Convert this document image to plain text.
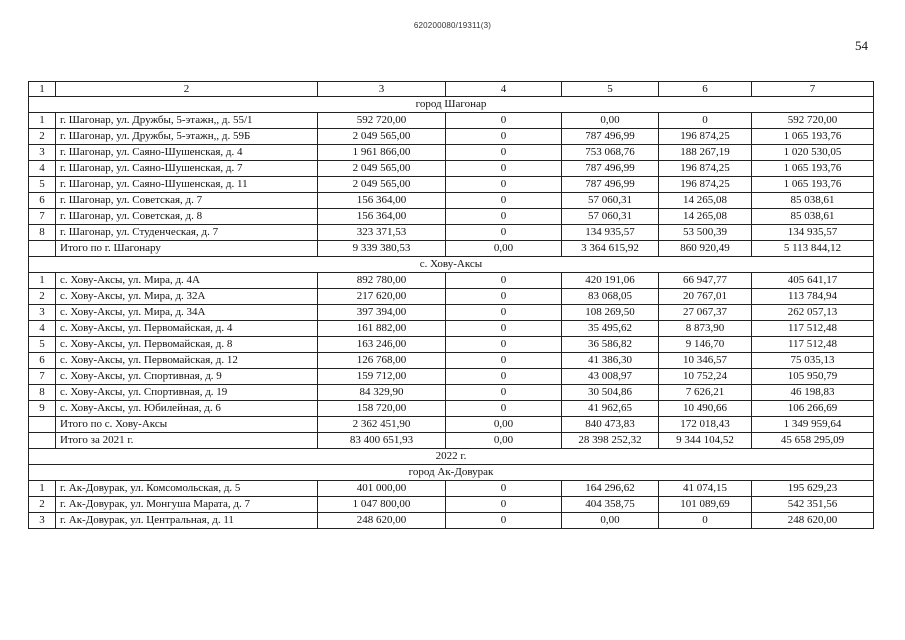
620200080/19311(3)
54
1	2	3	4	5	6	7
город Шагонар						
1	г. Шагонар, ул. Дружбы, 5-этажн,, д. 55/1	592 720,00	0	0,00	0	592 720,00
2	г. Шагонар, ул. Дружбы, 5-этажн,, д. 59Б	2 049 565,00	0	787 496,99	196 874,25	1 065 193,76
3	г. Шагонар, ул. Саяно-Шушенская, д. 4	1 961 866,00	0	753 068,76	188 267,19	1 020 530,05
4	г. Шагонар, ул. Саяно-Шушенская, д. 7	2 049 565,00	0	787 496,99	196 874,25	1 065 193,76
5	г. Шагонар, ул. Саяно-Шушенская, д. 11	2 049 565,00	0	787 496,99	196 874,25	1 065 193,76
6	г. Шагонар, ул. Советская, д. 7	156 364,00	0	57 060,31	14 265,08	85 038,61
7	г. Шагонар, ул. Советская, д. 8	156 364,00	0	57 060,31	14 265,08	85 038,61
8	г. Шагонар, ул. Студенческая, д. 7	323 371,53	0	134 935,57	53 500,39	134 935,57
	Итого по г. Шагонару	9 339 380,53	0,00	3 364 615,92	860 920,49	5 113 844,12
с. Хову-Аксы						
1	с. Хову-Аксы, ул. Мира, д. 4А	892 780,00	0	420 191,06	66 947,77	405 641,17
2	с. Хову-Аксы, ул. Мира, д. 32А	217 620,00	0	83 068,05	20 767,01	113 784,94
3	с. Хову-Аксы, ул. Мира, д. 34А	397 394,00	0	108 269,50	27 067,37	262 057,13
4	с. Хову-Аксы, ул. Первомайская, д. 4	161 882,00	0	35 495,62	8 873,90	117 512,48
5	с. Хову-Аксы, ул. Первомайская, д. 8	163 246,00	0	36 586,82	9 146,70	117 512,48
6	с. Хову-Аксы, ул. Первомайская, д. 12	126 768,00	0	41 386,30	10 346,57	75 035,13
7	с. Хову-Аксы, ул. Спортивная, д. 9	159 712,00	0	43 008,97	10 752,24	105 950,79
8	с. Хову-Аксы, ул. Спортивная, д. 19	84 329,90	0	30 504,86	7 626,21	46 198,83
9	с. Хову-Аксы, ул. Юбилейная, д. 6	158 720,00	0	41 962,65	10 490,66	106 266,69
	Итого по с. Хову-Аксы	2 362 451,90	0,00	840 473,83	172 018,43	1 349 959,64
	Итого за 2021 г.	83 400 651,93	0,00	28 398 252,32	9 344 104,52	45 658 295,09
2022 г.						
город Ак-Довурак						
1	г. Ак-Довурак, ул. Комсомольская, д. 5	401 000,00	0	164 296,62	41 074,15	195 629,23
2	г. Ак-Довурак, ул. Монгуша Марата, д. 7	1 047 800,00	0	404 358,75	101 089,69	542 351,56
3	г. Ак-Довурак, ул. Центральная, д. 11	248 620,00	0	0,00	0	248 620,00
